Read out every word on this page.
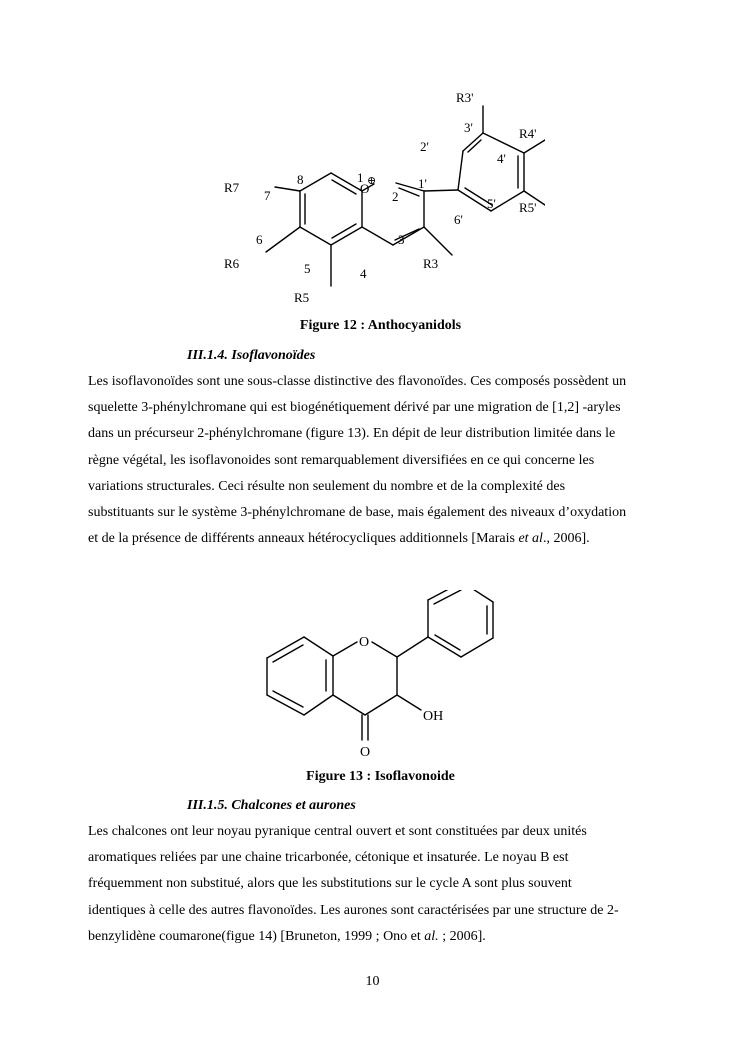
R3'
3'
2'
R4'
4'
1'
5' R5'
6'
1 ⊕
O
2
8
R7
7
6
R6	5	4
3
R3
R5
Figure 12 : Anthocyanidols
III.1.4. Isoflavonoïdes
Les isoflavonoïdes sont une sous-classe distinctive des flavonoïdes. Ces composés possèdent un
squelette 3-phénylchromane qui est biogénétiquement dérivé par une migration de [1,2] -aryles
dans un précurseur 2-phénylchromane (figure 13). En dépit de leur distribution limitée dans le
règne végétal, les isoflavonoides sont remarquablement diversifiées en ce qui concerne les
variations structurales. Ceci résulte non seulement du nombre et de la complexité des
substituants sur le système 3-phénylchromane de base, mais également des niveaux d’oxydation
et de la présence de différents anneaux hétérocycliques additionnels [Marais et al., 2006].
O
OH
O
Figure 13 : Isoflavonoide
III.1.5. Chalcones et aurones
Les chalcones ont leur noyau pyranique central ouvert et sont constituées par deux unités
aromatiques reliées par une chaine tricarbonée, cétonique et insaturée. Le noyau B est
fréquemment non substitué, alors que les substitutions sur le cycle A sont plus souvent
identiques à celle des autres flavonoïdes. Les aurones sont caractérisées par une structure de 2-
benzylidène coumarone(figue 14) [Bruneton, 1999 ; Ono et al. ; 2006].
10
